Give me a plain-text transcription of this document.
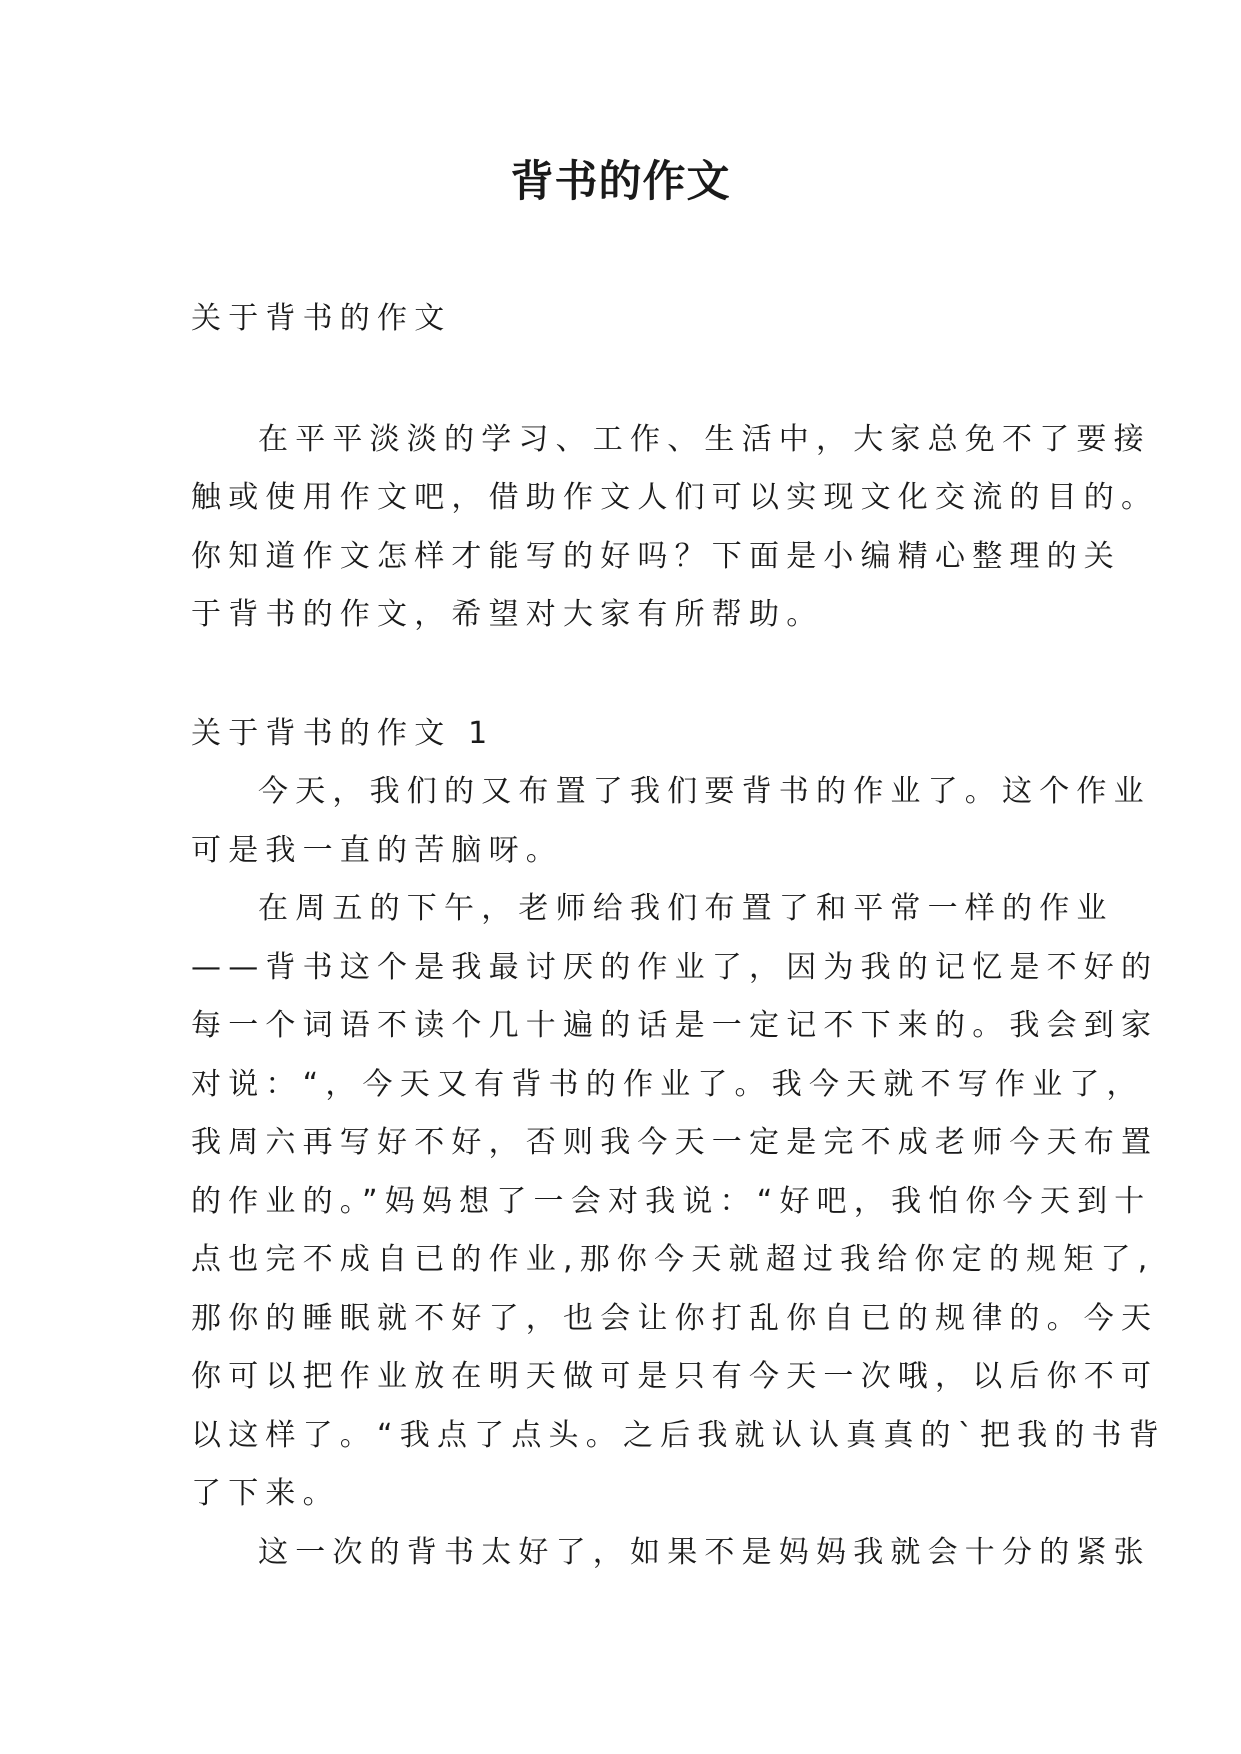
背书的作文

关于背书的作文

在平平淡淡的学习、工作、生活中，大家总免不了要接

触或使用作文吧，借助作文人们可以实现文化交流的目的。

你知道作文怎样才能写的好吗？下面是小编精心整理的关

于背书的作文，希望对大家有所帮助。

关于背书的作文 1

今天，我们的又布置了我们要背书的作业了。这个作业

可是我一直的苦脑呀。

在周五的下午，老师给我们布置了和平常一样的作业

——背书这个是我最讨厌的作业了，因为我的记忆是不好的

每一个词语不读个几十遍的话是一定记不下来的。我会到家

对说：“，今天又有背书的作业了。我今天就不写作业了，

我周六再写好不好，否则我今天一定是完不成老师今天布置

的作业的。”妈妈想了一会对我说：“好吧，我怕你今天到十

点也完不成自已的作业,那你今天就超过我给你定的规矩了,

那你的睡眠就不好了，也会让你打乱你自已的规律的。今天

你可以把作业放在明天做可是只有今天一次哦，以后你不可

以这样了。“我点了点头。之后我就认认真真的`把我的书背

了下来。

这一次的背书太好了，如果不是妈妈我就会十分的紧张
